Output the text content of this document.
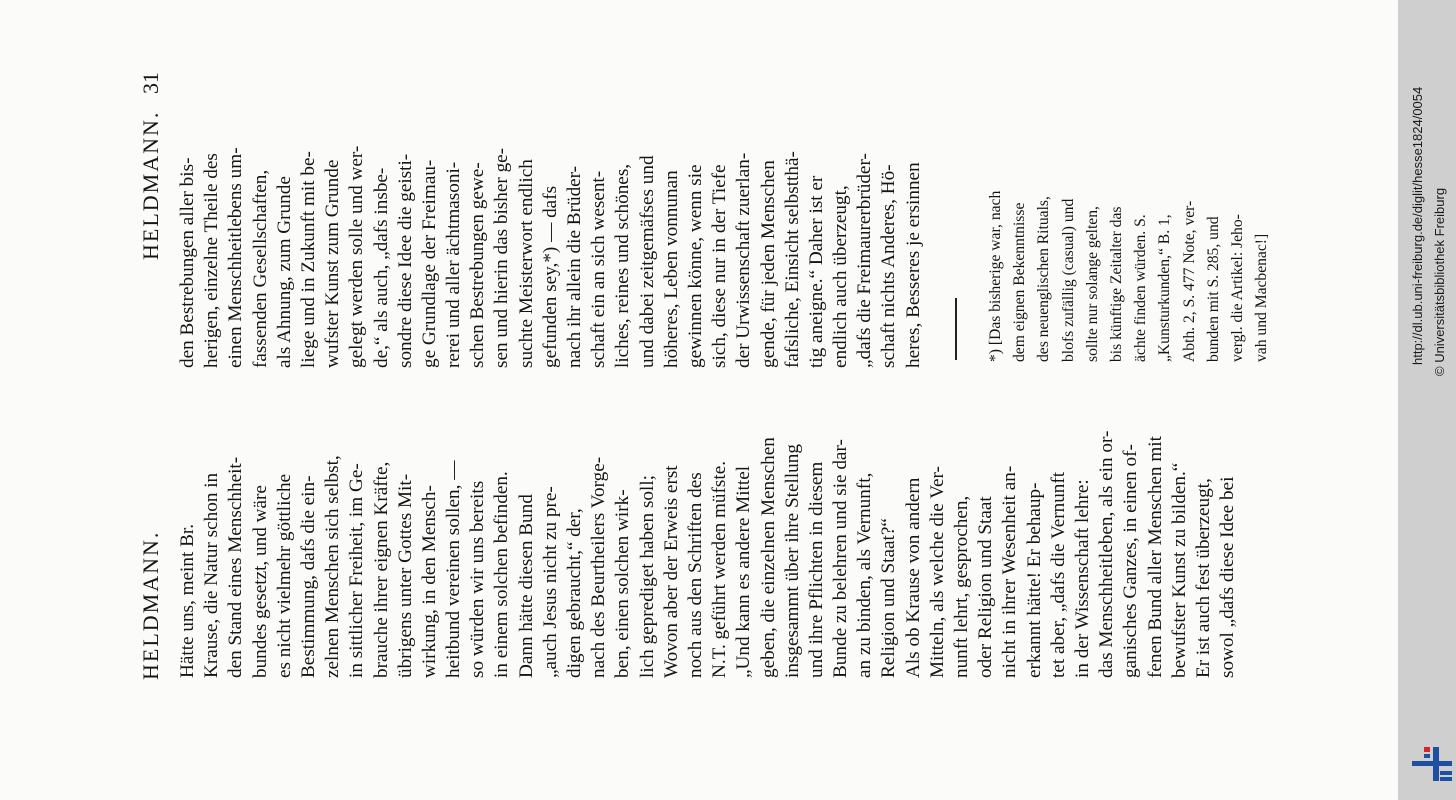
HELDMANN.
HELDMANN.
31
Hätte uns, meint Br. Krause, die Natur schon in den Stand eines Menschheit- bundes gesetzt, und wäre es nicht vielmehr göttliche Bestimmung, dafs die ein- zelnen Menschen sich selbst, in sittlicher Freiheit, im Ge- brauche ihrer eignen Kräfte, übrigens unter Gottes Mit- wirkung, in den Mensch- heitbund vereinen sollen, — so würden wir uns bereits in einem solchen befinden. Dann hätte diesen Bund „auch Jesus nicht zu pre- digen gebraucht,“ der, nach des Beurtheilers Vorge- ben, einen solchen wirk- lich geprediget haben soll; Wovon aber der Erweis erst noch aus den Schriften des N.T. geführt werden müfste. „Und kann es andere Mittel geben, die einzelnen Menschen insgesammt über ihre Stellung und ihre Pflichten in diesem Bunde zu belehren und sie dar- an zu binden, als Vernunft, Religion und Staat?“ Als ob Krause von andern Mitteln, als welche die Ver- nunft lehrt, gesprochen, oder Religion und Staat nicht in ihrer Wesenheit an- erkannt hätte! Er behaup- tet aber, „dafs die Vernunft in der Wissenschaft lehre: das Menschheitleben, als ein or- ganisches Ganzes, in einen of- fenen Bund aller Menschen mit bewufster Kunst zu bilden.“ Er ist auch fest überzeugt, sowol „dafs diese Idee bei
den Bestrebungen aller bis- herigen, einzelne Theile des einen Menschheitlebens um- fassenden Gesellschaften, als Ahnung, zum Grunde liege und in Zukunft mit be- wufster Kunst zum Grunde gelegt werden solle und wer- de,“ als auch, „dafs insbe- sondre diese Idee die geisti- ge Grundlage der Freimau- rerei und aller ächtmasoni- schen Bestrebungen gewe- sen und hierin das bisher ge- suchte Meisterwort endlich gefunden sey,*) — dafs nach ihr allein die Brüder- schaft ein an sich wesent- liches, reines und schönes, und dabei zeitgemäfses und höheres, Leben vonnunan gewinnen könne, wenn sie sich, diese nur in der Tiefe der Urwissenschaft zuerlan- gende, für jeden Menschen fafsliche, Einsicht selbstthä- tig aneigne.“ Daher ist er endlich auch überzeugt, „dafs die Freimaurerbrüder- schaft nichts Anderes, Hö- heres, Besseres je ersinnen	*) [Das bisherige war, nach dem eignen Bekenntnisse des neuenglischen Rituals, blofs zufällig (casual) und sollte nur solange gelten, bis künftige Zeitalter das ächte finden würden. S. „Kunsturkunden,“ B. 1, Abth. 2, S. 477 Note, ver- bunden mit S. 285, und vergl. die Artikel: Jeho- vah und Macbenac!]	http://dl.ub.uni-freiburg.de/diglit/hesse1824/0054 © Universitätsbibliothek Freiburg
